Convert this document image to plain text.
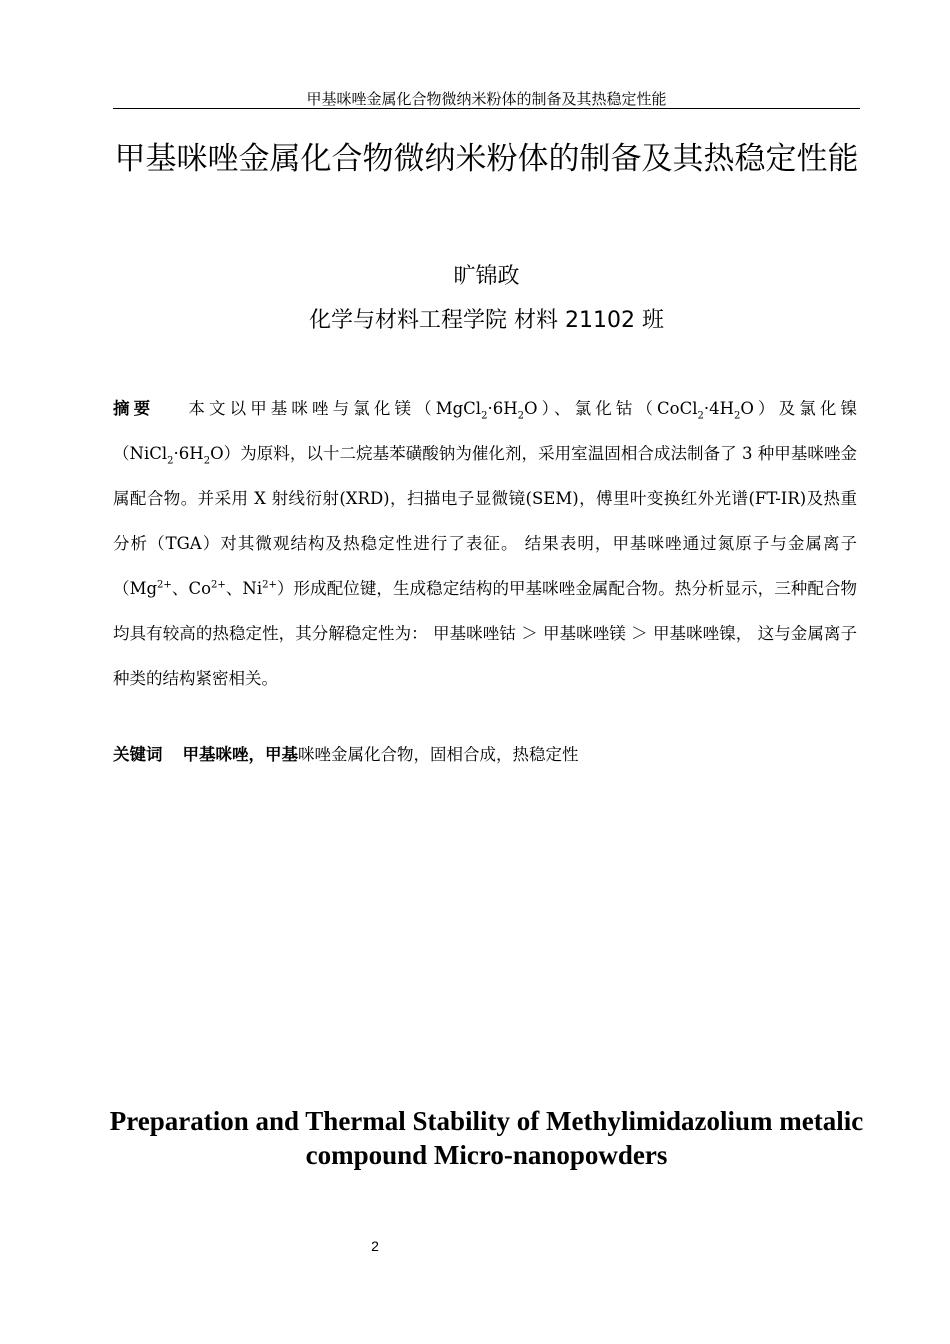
甲基咪唑金属化合物微纳米粉体的制备及其热稳定性能
甲基咪唑金属化合物微纳米粉体的制备及其热稳定性能
旷锦政
化学与材料工程学院 材料 21102 班
摘要 本文以甲基咪唑与氯化镁$(MgCl_2\cdot 6H_2O)$、氯化钴$(CoCl_2\cdot 4H_2O)$及氯化镍$(NiCl_2\cdot 6H_2O)$为原料，以十二烷基苯磺酸钠为催化剂，采用室温固相合成法制备了 3 种甲基咪唑金属配合物。并采用 X 射线衍射(XRD)，扫描电子显微镜(SEM)，傅里叶变换红外光谱(FT-IR)及热重分析（TGA）对其微观结构及热稳定性进行了表征。 结果表明，甲基咪唑通过氮原子与金属离子（$Mg^{2+}$、$Co^{2+}$、$Ni^{2+}$）形成配位键，生成稳定结构的甲基咪唑金属配合物。热分析显示，三种配合物均具有较高的热稳定性，其分解稳定性为： 甲基咪唑钴 ＞ 甲基咪唑镁 ＞ 甲基咪唑镍， 这与金属离子种类的结构紧密相关。
关键词 甲基咪唑，甲基咪唑金属化合物，固相合成，热稳定性
Preparation and Thermal Stability of Methylimidazolium metalic compound Micro-nanopowders
2
